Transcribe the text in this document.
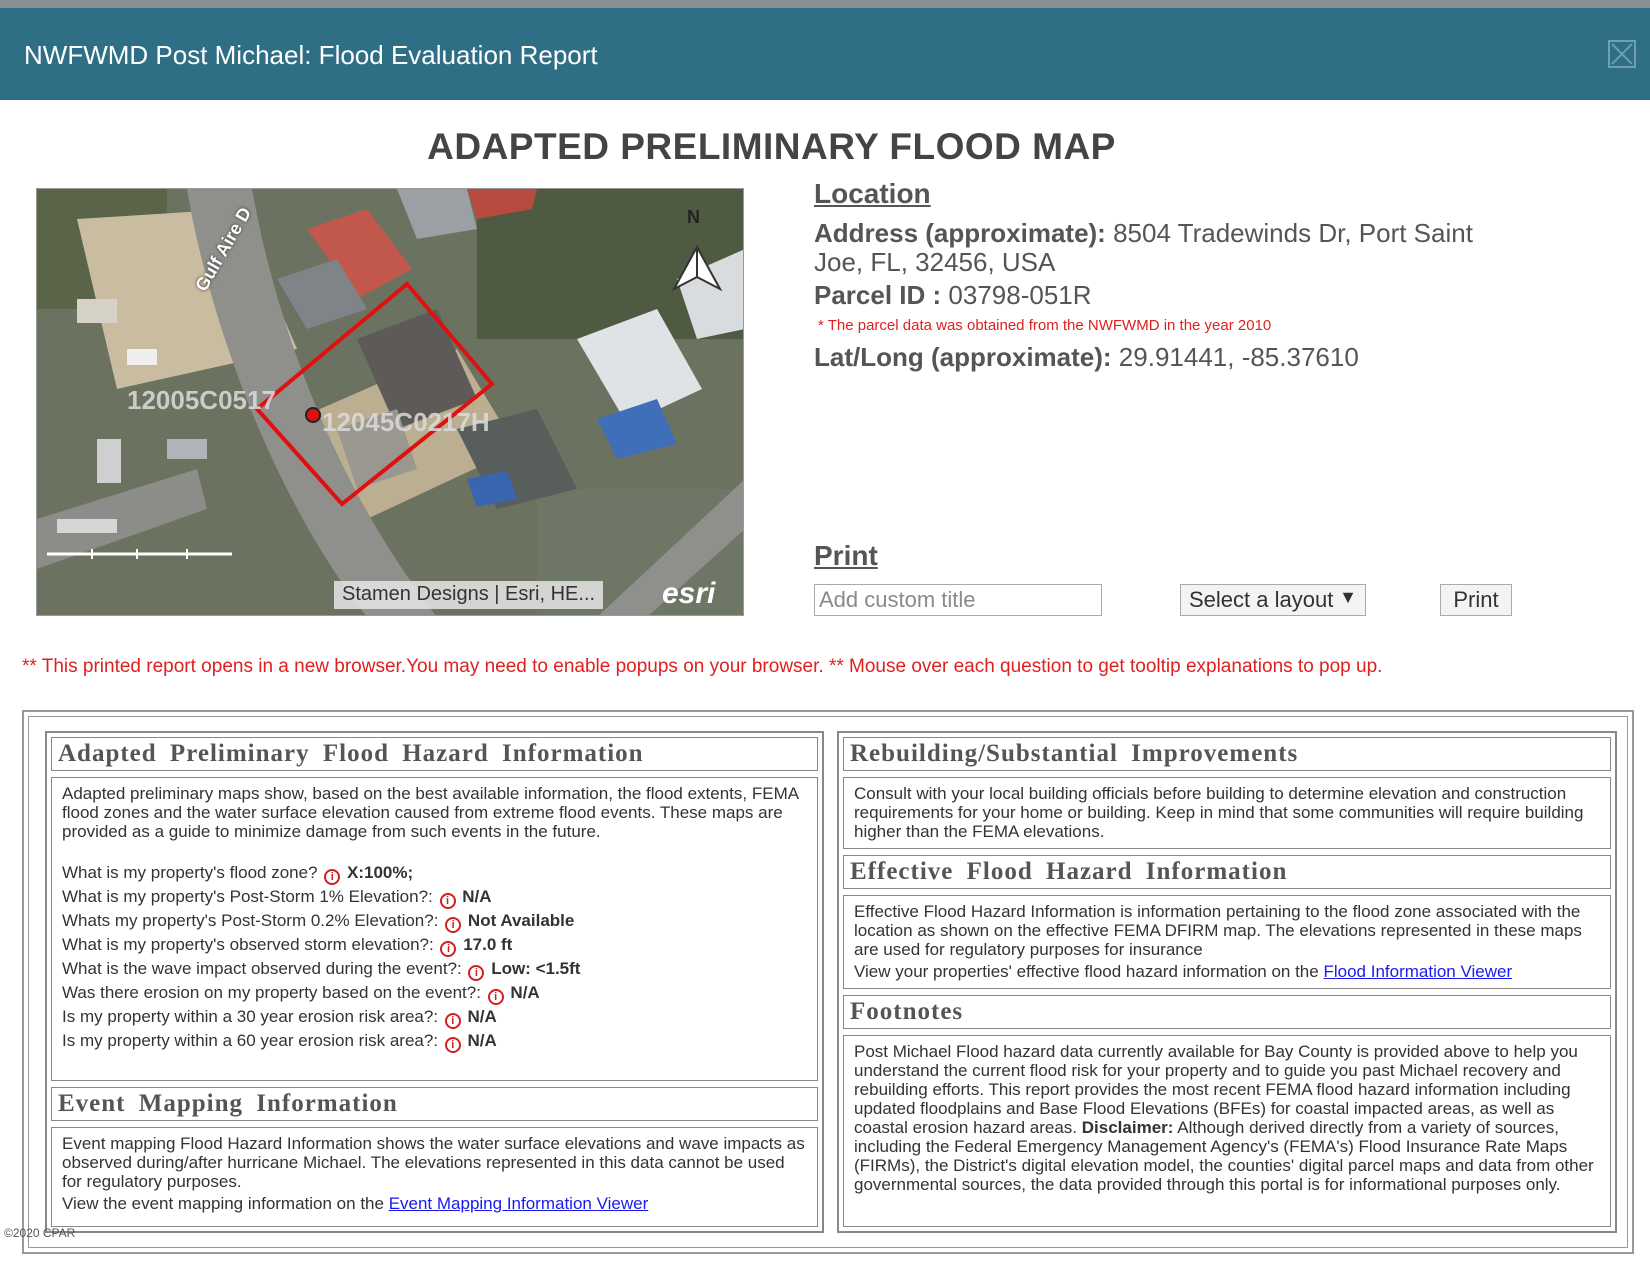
NWFWMD Post Michael: Flood Evaluation Report
ADAPTED PRELIMINARY FLOOD MAP
N
12005C0517
12045C0217H
Gulf Aire D
Stamen Designs | Esri, HE... esri
Location
Address (approximate): 8504 Tradewinds Dr, Port Saint
Joe, FL, 32456, USA
Parcel ID : 03798-051R
* The parcel data was obtained from the NWFWMD in the year 2010
Lat/Long (approximate): 29.91441, -85.37610
Print
Add custom title
Select a layout ▼	Print
** This printed report opens in a new browser.You may need to enable popups on your browser. ** Mouse over each question to get tooltip explanations to pop up.
Adapted Preliminary Flood Hazard Information

Adapted preliminary maps show, based on the best available information, the flood extents, FEMA flood zones and the water surface elevation caused from extreme flood events. These maps are provided as a guide to minimize damage from such events in the future.

What is my property's flood zone? i X:100%;
What is my property's Post-Storm 1% Elevation?: i N/A
Whats my property's Post-Storm 0.2% Elevation?: i Not Available
What is my property's observed storm elevation?: i 17.0 ft
What is the wave impact observed during the event?: i Low: <1.5ft
Was there erosion on my property based on the event?: i N/A
Is my property within a 30 year erosion risk area?: i N/A
Is my property within a 60 year erosion risk area?: i N/A
Event Mapping Information

Event mapping Flood Hazard Information shows the water surface elevations and wave impacts as observed during/after hurricane Michael. The elevations represented in this data cannot be used for regulatory purposes.

View the event mapping information on the Event Mapping Information Viewer

Rebuilding/Substantial Improvements

Consult with your local building officials before building to determine elevation and construction requirements for your home or building. Keep in mind that some communities will require building higher than the FEMA elevations.

Effective Flood Hazard Information

Effective Flood Hazard Information is information pertaining to the flood zone associated with the location as shown on the effective FEMA DFIRM map. The elevations represented in these maps are used for regulatory purposes for insurance

View your properties' effective flood hazard information on the Flood Information Viewer

Footnotes

Post Michael Flood hazard data currently available for Bay County is provided above to help you understand the current flood risk for your property and to guide you past Michael recovery and rebuilding efforts. This report provides the most recent FEMA flood hazard information including updated floodplains and Base Flood Elevations (BFEs) for coastal impacted areas, as well as coastal erosion hazard areas. Disclaimer: Although derived directly from a variety of sources, including the Federal Emergency Management Agency's (FEMA's) Flood Insurance Rate Maps (FIRMs), the District's digital elevation model, the counties' digital parcel maps and data from other governmental sources, the data provided through this portal is for informational purposes only.

©2020 CPAR
